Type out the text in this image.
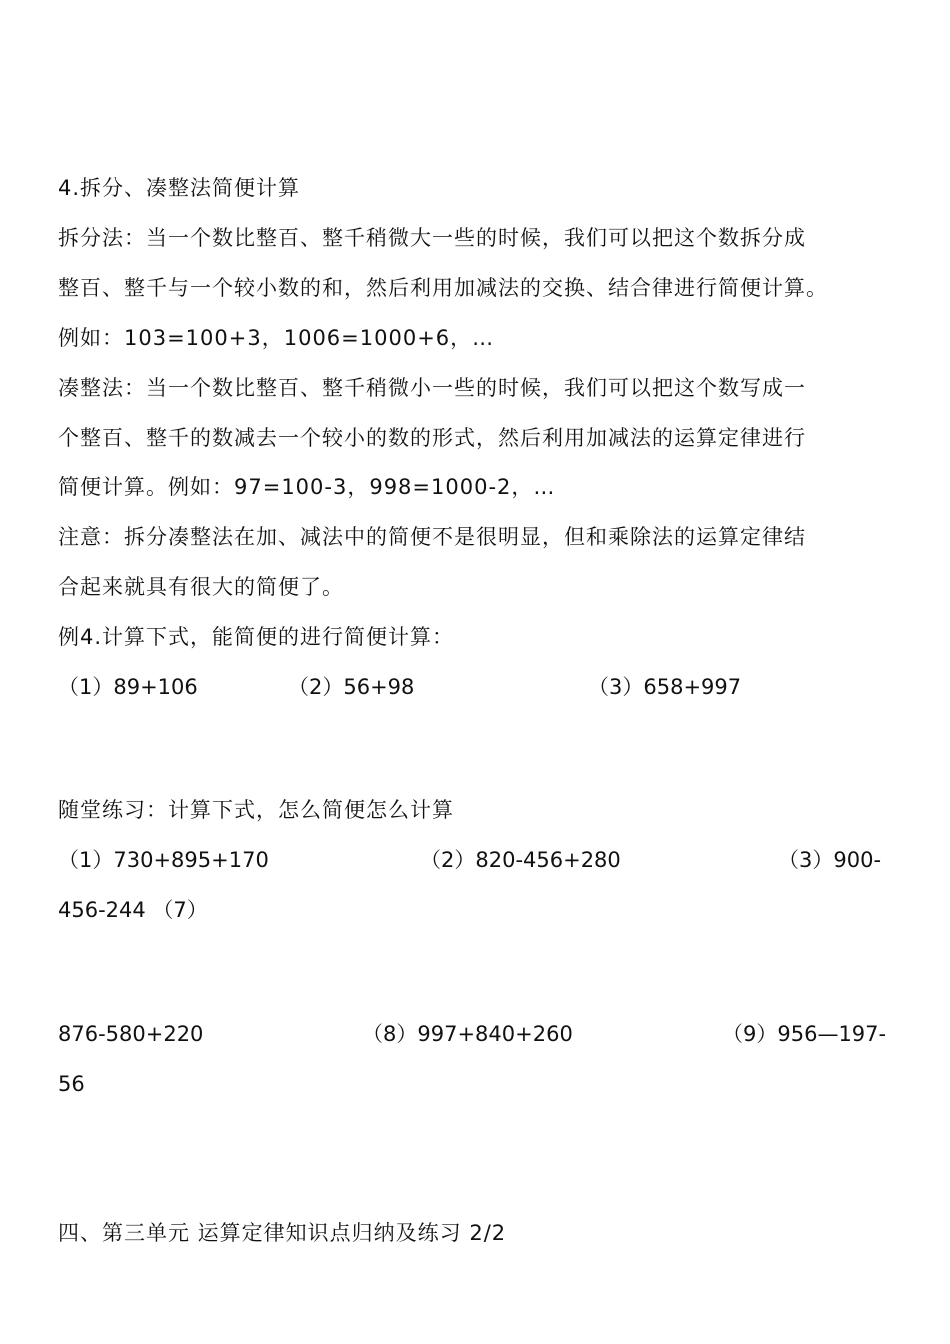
4.拆分、凑整法简便计算
拆分法：当一个数比整百、整千稍微大一些的时候，我们可以把这个数拆分成
整百、整千与一个较小数的和，然后利用加减法的交换、结合律进行简便计算。
例如：103=100+3，1006=1000+6，…
凑整法：当一个数比整百、整千稍微小一些的时候，我们可以把这个数写成一
个整百、整千的数减去一个较小的数的形式，然后利用加减法的运算定律进行
简便计算。例如：97=100-3，998=1000-2，…
注意：拆分凑整法在加、减法中的简便不是很明显，但和乘除法的运算定律结
合起来就具有很大的简便了。
例4.计算下式，能简便的进行简便计算：
（1）89+106	（2）56+98	（3）658+997
随堂练习：计算下式，怎么简便怎么计算
（1）730+895+170	（2）820-456+280	（3）900-
456-244 （7）
876-580+220	（8）997+840+260	（9）956—197-
56
四、第三单元 运算定律知识点归纳及练习 2/2
